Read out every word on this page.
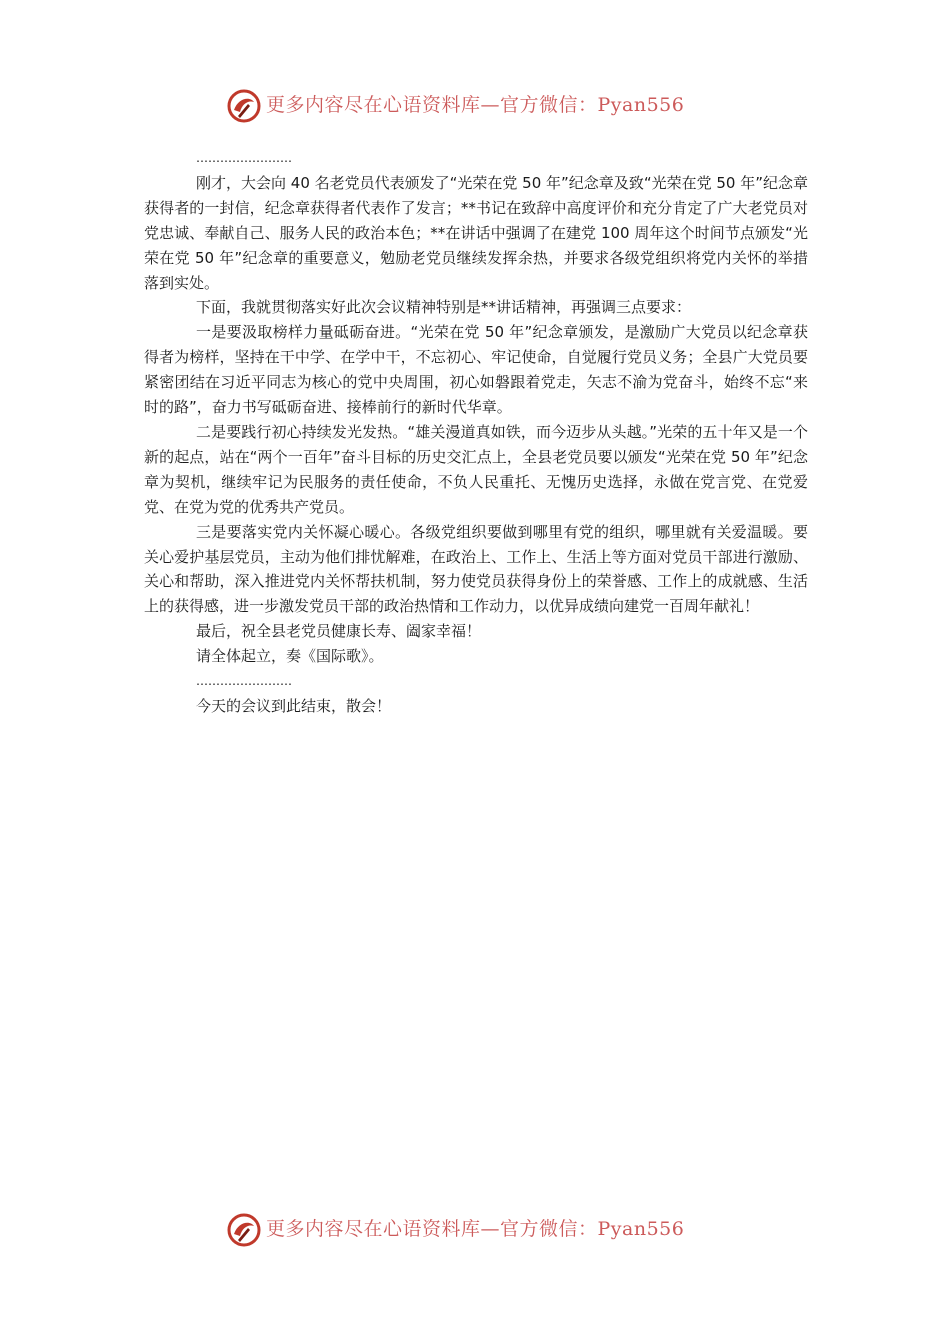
更多内容尽在心语资料库—官方微信：Pyan556

……………………

刚才，大会向 40 名老党员代表颁发了“光荣在党 50 年”纪念章及致“光荣在党 50 年”纪念章获得者的一封信，纪念章获得者代表作了发言；**书记在致辞中高度评价和充分肯定了广大老党员对党忠诚、奉献自己、服务人民的政治本色；**在讲话中强调了在建党 100 周年这个时间节点颁发“光荣在党 50 年”纪念章的重要意义，勉励老党员继续发挥余热，并要求各级党组织将党内关怀的举措落到实处。

下面，我就贯彻落实好此次会议精神特别是**讲话精神，再强调三点要求：

一是要汲取榜样力量砥砺奋进。“光荣在党 50 年”纪念章颁发，是激励广大党员以纪念章获得者为榜样，坚持在干中学、在学中干，不忘初心、牢记使命，自觉履行党员义务；全县广大党员要紧密团结在习近平同志为核心的党中央周围，初心如磐跟着党走，矢志不渝为党奋斗，始终不忘“来时的路”，奋力书写砥砺奋进、接棒前行的新时代华章。

二是要践行初心持续发光发热。“雄关漫道真如铁，而今迈步从头越。”光荣的五十年又是一个新的起点，站在“两个一百年”奋斗目标的历史交汇点上，全县老党员要以颁发“光荣在党 50 年”纪念章为契机，继续牢记为民服务的责任使命，不负人民重托、无愧历史选择，永做在党言党、在党爱党、在党为党的优秀共产党员。

三是要落实党内关怀凝心暖心。各级党组织要做到哪里有党的组织，哪里就有关爱温暖。要关心爱护基层党员，主动为他们排忧解难，在政治上、工作上、生活上等方面对党员干部进行激励、关心和帮助，深入推进党内关怀帮扶机制，努力使党员获得身份上的荣誉感、工作上的成就感、生活上的获得感，进一步激发党员干部的政治热情和工作动力，以优异成绩向建党一百周年献礼！

最后，祝全县老党员健康长寿、阖家幸福！

请全体起立，奏《国际歌》。

……………………

今天的会议到此结束，散会！

更多内容尽在心语资料库—官方微信：Pyan556
